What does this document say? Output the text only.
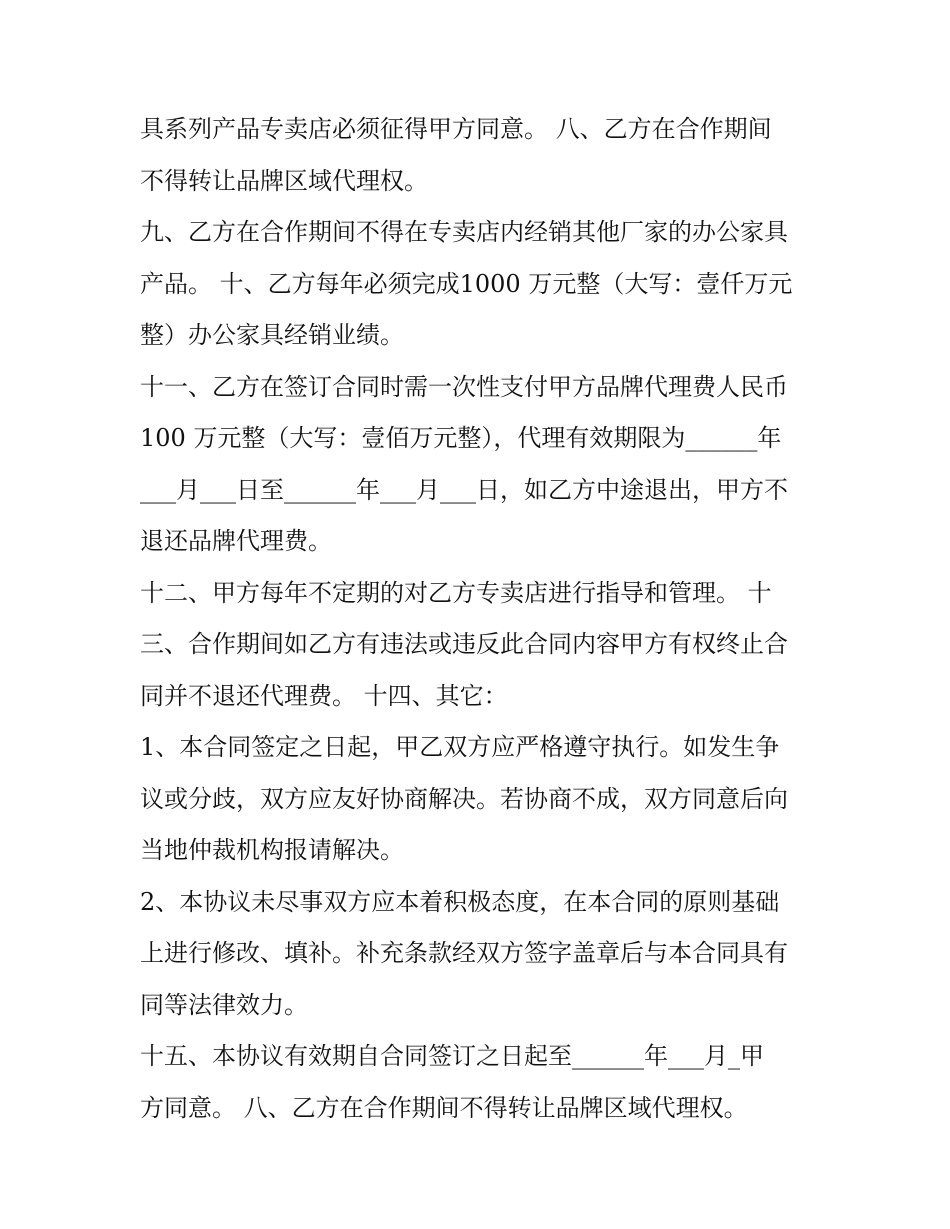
具系列产品专卖店必须征得甲方同意。 八、乙方在合作期间
不得转让品牌区域代理权。
九、乙方在合作期间不得在专卖店内经销其他厂家的办公家具
产品。 十、乙方每年必须完成1000 万元整（大写：壹仟万元
整）办公家具经销业绩。
十一、乙方在签订合同时需一次性支付甲方品牌代理费人民币
100 万元整（大写：壹佰万元整），代理有效期限为______年
___月___日至______年___月___日，如乙方中途退出，甲方不
退还品牌代理费。
十二、甲方每年不定期的对乙方专卖店进行指导和管理。 十
三、合作期间如乙方有违法或违反此合同内容甲方有权终止合
同并不退还代理费。 十四、其它：
1、本合同签定之日起，甲乙双方应严格遵守执行。如发生争
议或分歧，双方应友好协商解决。若协商不成，双方同意后向
当地仲裁机构报请解决。
2、本协议未尽事双方应本着积极态度，在本合同的原则基础
上进行修改、填补。补充条款经双方签字盖章后与本合同具有
同等法律效力。
十五、本协议有效期自合同签订之日起至______年___月_甲
方同意。 八、乙方在合作期间不得转让品牌区域代理权。
